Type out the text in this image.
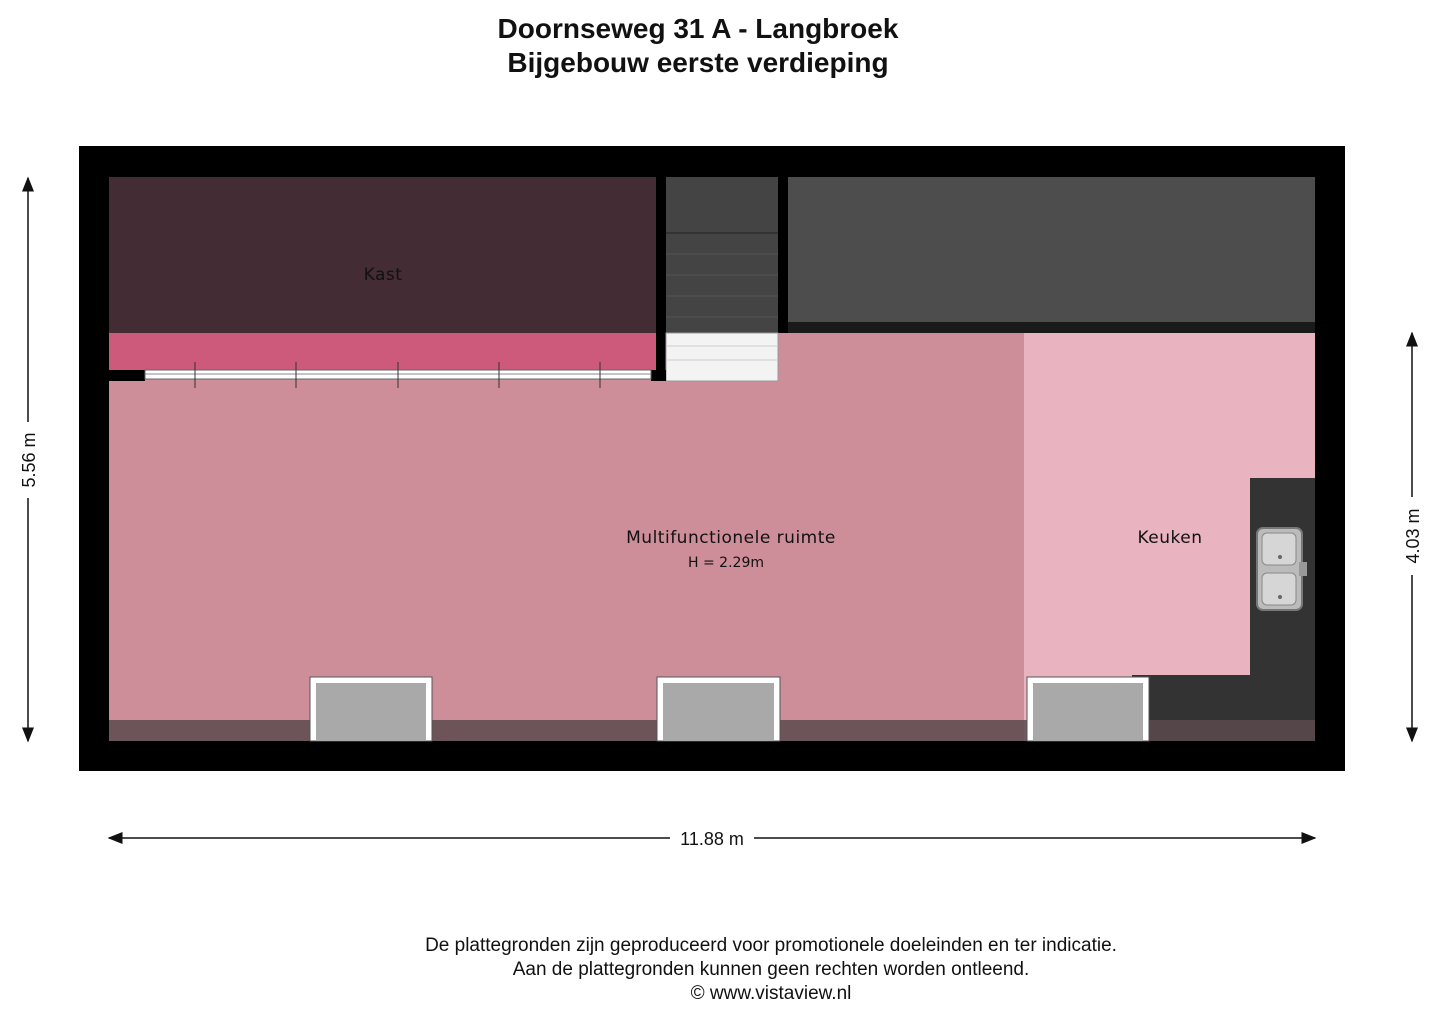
Doornseweg 31 A - Langbroek
Bijgebouw eerste verdieping
Kast
Multifunctionele ruimte
H = 2.29m
Keuken
5.56 m
4.03 m
11.88 m
De plattegronden zijn geproduceerd voor promotionele doeleinden en ter indicatie.
Aan de plattegronden kunnen geen rechten worden ontleend.
© www.vistaview.nl
